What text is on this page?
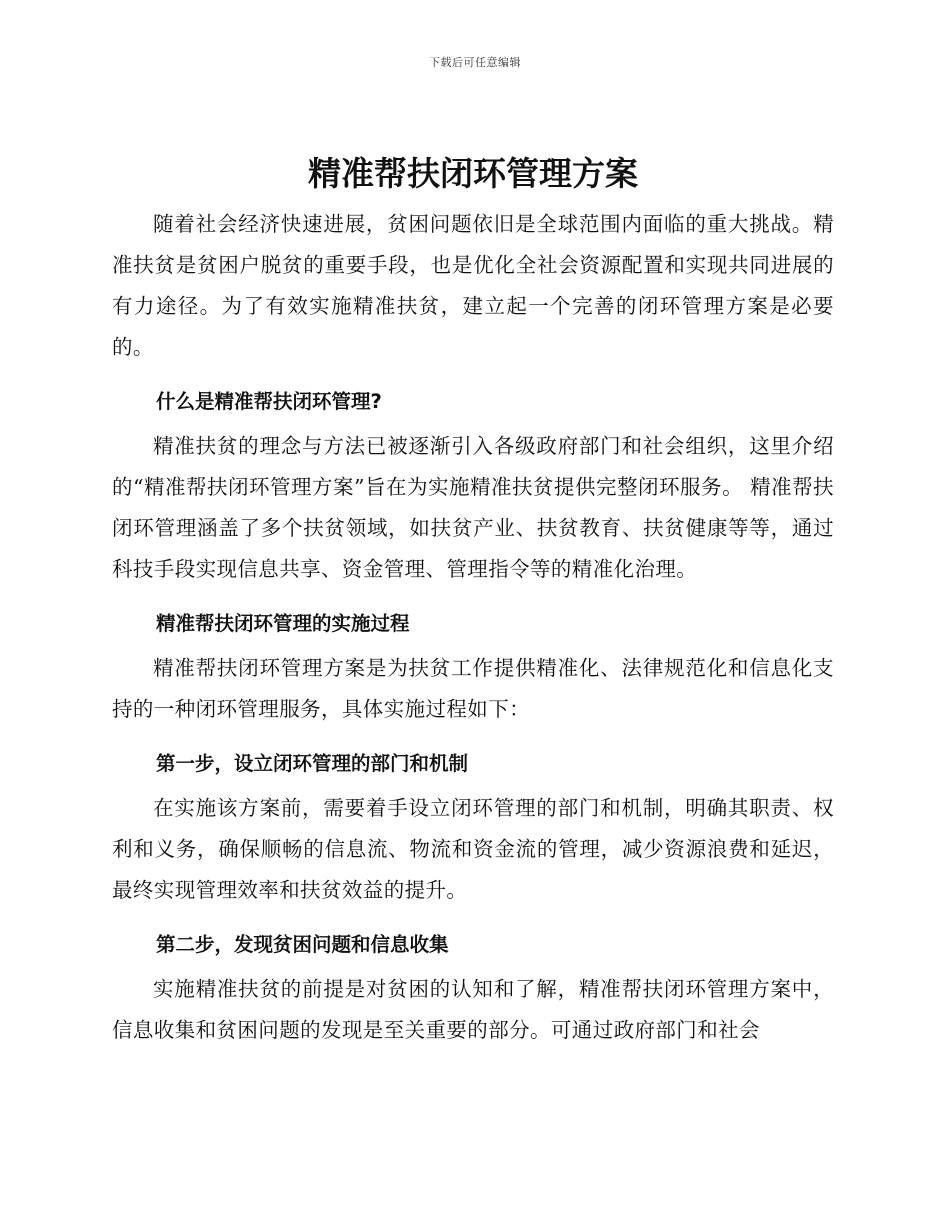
下载后可任意编辑
精准帮扶闭环管理方案

随着社会经济快速进展，贫困问题依旧是全球范围内面临的重大挑战。精准扶贫是贫困户脱贫的重要手段，也是优化全社会资源配置和实现共同进展的有力途径。为了有效实施精准扶贫，建立起一个完善的闭环管理方案是必要的。

什么是精准帮扶闭环管理?

精准扶贫的理念与方法已被逐渐引入各级政府部门和社会组织，这里介绍的“精准帮扶闭环管理方案”旨在为实施精准扶贫提供完整闭环服务。 精准帮扶闭环管理涵盖了多个扶贫领域，如扶贫产业、扶贫教育、扶贫健康等等，通过科技手段实现信息共享、资金管理、管理指令等的精准化治理。

精准帮扶闭环管理的实施过程

精准帮扶闭环管理方案是为扶贫工作提供精准化、法律规范化和信息化支持的一种闭环管理服务，具体实施过程如下：

第一步，设立闭环管理的部门和机制

在实施该方案前，需要着手设立闭环管理的部门和机制，明确其职责、权利和义务，确保顺畅的信息流、物流和资金流的管理，减少资源浪费和延迟，最终实现管理效率和扶贫效益的提升。

第二步，发现贫困问题和信息收集

实施精准扶贫的前提是对贫困的认知和了解，精准帮扶闭环管理方案中，信息收集和贫困问题的发现是至关重要的部分。可通过政府部门和社会
